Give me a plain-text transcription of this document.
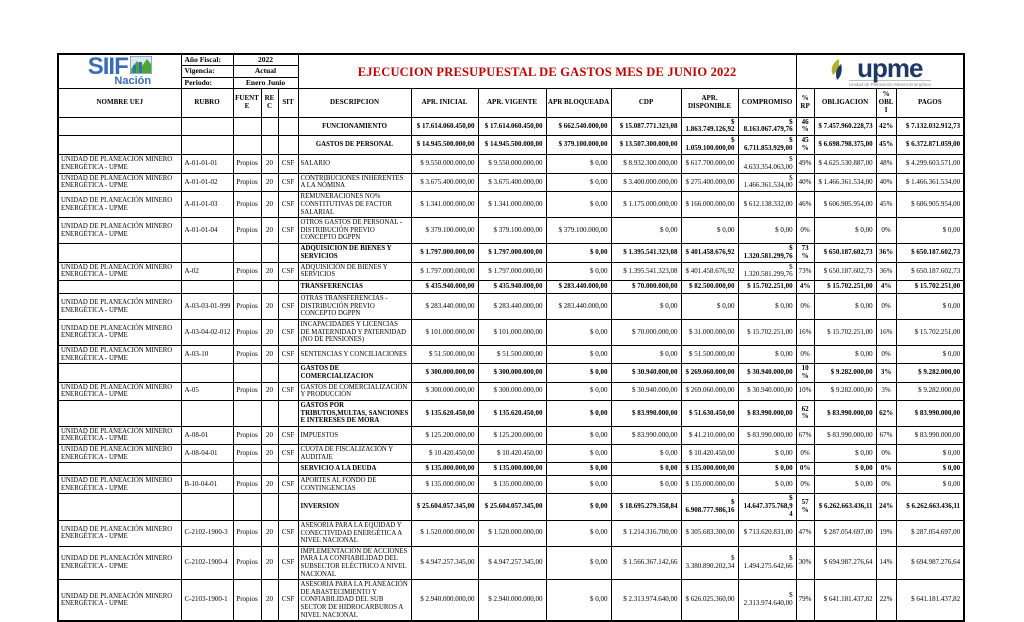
SIIF
Nación
	Año Fiscal:	2022	EJECUCION PRESUPUESTAL DE GASTOS MES DE JUNIO 2022	upme
Unidad de Planeación Minero Energética

	Vigencia:	Actual													
	Periodo:	Enero Junio													
NOMBRE UEJ	RUBRO	FUENTE	REC	SIT	DESCRIPCION	APR. INICIAL	APR. VIGENTE	APR BLOQUEADA	CDP	APR. DISPONIBLE	COMPROMISO	% RP	OBLIGACION	% OBLI	PAGOS
					FUNCIONAMIENTO	$ 17.614.060.450,00	$ 17.614.060.450,00	$ 662.540.000,00	$ 15.087.771.323,08	$ 1.863.749.126,92	$ 8.163.067.479,76	46%	$ 7.457.960.228,73	42%	$ 7.132.032.912,73
					GASTOS DE PERSONAL	$ 14.945.500.000,00	$ 14.945.500.000,00	$ 379.100.000,00	$ 13.507.300.000,00	$ 1.059.100.000,00	$ 6.711.853.929,00	45%	$ 6.698.798.375,00	45%	$ 6.372.871.059,00
UNIDAD DE PLANEACIÓN MINERO ENERGÉTICA - UPME	A-01-01-01	Propios	20	CSF	SALARIO	$ 9.550.000.000,00	$ 9.550.000.000,00	$ 0,00	$ 8.932.300.000,00	$ 617.700.000,00	$ 4.633.354.063,00	49%	$ 4.625.530.887,00	48%	$ 4.299.603.571,00
UNIDAD DE PLANEACIÓN MINERO ENERGÉTICA - UPME	A-01-01-02	Propios	20	CSF	CONTRIBUCIONES INHERENTES A LA NÓMINA	$ 3.675.400.000,00	$ 3.675.400.000,00	$ 0,00	$ 3.400.000.000,00	$ 275.400.000,00	$ 1.466.361.534,00	40%	$ 1.466.361.534,00	40%	$ 1.466.361.534,00
UNIDAD DE PLANEACIÓN MINERO ENERGÉTICA - UPME	A-01-01-03	Propios	20	CSF	REMUNERACIONES NO% CONSTITUTIVAS DE FACTOR SALARIAL	$ 1.341.000.000,00	$ 1.341.000.000,00	$ 0,00	$ 1.175.000.000,00	$ 166.000.000,00	$ 612.138.332,00	46%	$ 606.905.954,00	45%	$ 606.905.954,00
UNIDAD DE PLANEACIÓN MINERO ENERGÉTICA - UPME	A-01-01-04	Propios	20	CSF	OTROS GASTOS DE PERSONAL - DISTRIBUCIÓN PREVIO CONCEPTO DGPPN	$ 379.100.000,00	$ 379.100.000,00	$ 379.100.000,00	$ 0,00	$ 0,00	$ 0,00	0%	$ 0,00	0%	$ 0,00
					ADQUISICION DE BIENES Y SERVICIOS	$ 1.797.000.000,00	$ 1.797.000.000,00	$ 0,00	$ 1.395.541.323,08	$ 401.458.676,92	$ 1.320.581.299,76	73%	$ 650.187.602,73	36%	$ 650.187.602,73
UNIDAD DE PLANEACIÓN MINERO ENERGÉTICA - UPME	A-02	Propios	20	CSF	ADQUISICIÓN DE BIENES Y SERVICIOS	$ 1.797.000.000,00	$ 1.797.000.000,00	$ 0,00	$ 1.395.541.323,08	$ 401.458.676,92	$ 1.320.581.299,76	73%	$ 650.187.602,73	36%	$ 650.187.602,73
					TRANSFERENCIAS	$ 435.940.000,00	$ 435.940.000,00	$ 283.440.000,00	$ 70.000.000,00	$ 82.500.000,00	$ 15.702.251,00	4%	$ 15.702.251,00	4%	$ 15.702.251,00
UNIDAD DE PLANEACIÓN MINERO ENERGÉTICA - UPME	A-03-03-01-999	Propios	20	CSF	OTRAS TRANSFERENCIAS - DISTRIBUCIÓN PREVIO CONCEPTO DGPPN	$ 283.440.000,00	$ 283.440.000,00	$ 283.440.000,00	$ 0,00	$ 0,00	$ 0,00	0%	$ 0,00	0%	$ 0,00
UNIDAD DE PLANEACIÓN MINERO ENERGÉTICA - UPME	A-03-04-02-012	Propios	20	CSF	INCAPACIDADES Y LICENCIAS DE MATERNIDAD Y PATERNIDAD (NO DE PENSIONES)	$ 101.000.000,00	$ 101.000.000,00	$ 0,00	$ 70.000.000,00	$ 31.000.000,00	$ 15.702.251,00	16%	$ 15.702.251,00	16%	$ 15.702.251,00
UNIDAD DE PLANEACIÓN MINERO ENERGÉTICA - UPME	A-03-10	Propios	20	CSF	SENTENCIAS Y CONCILIACIONES	$ 51.500.000,00	$ 51.500.000,00	$ 0,00	$ 0,00	$ 51.500.000,00	$ 0,00	0%	$ 0,00	0%	$ 0,00
					GASTOS DE COMERCIALIZACION	$ 300.000.000,00	$ 300.000.000,00	$ 0,00	$ 30.940.000,00	$ 269.060.000,00	$ 30.940.000,00	10%	$ 9.282.000,00	3%	$ 9.282.000,00
UNIDAD DE PLANEACIÓN MINERO ENERGÉTICA - UPME	A-05	Propios	20	CSF	GASTOS DE COMERCIALIZACIÓN Y PRODUCCIÓN	$ 300.000.000,00	$ 300.000.000,00	$ 0,00	$ 30.940.000,00	$ 269.060.000,00	$ 30.940.000,00	10%	$ 9.282.000,00	3%	$ 9.282.000,00
					GASTOS POR TRIBUTOS,MULTAS, SANCIONES E INTERESES DE MORA	$ 135.620.450,00	$ 135.620.450,00	$ 0,00	$ 83.990.000,00	$ 51.630.450,00	$ 83.990.000,00	62%	$ 83.990.000,00	62%	$ 83.990.000,00
UNIDAD DE PLANEACIÓN MINERO ENERGÉTICA - UPME	A-08-01	Propios	20	CSF	IMPUESTOS	$ 125.200.000,00	$ 125.200.000,00	$ 0,00	$ 83.990.000,00	$ 41.210.000,00	$ 83.990.000,00	67%	$ 83.990.000,00	67%	$ 83.990.000,00
UNIDAD DE PLANEACIÓN MINERO ENERGÉTICA - UPME	A-08-04-01	Propios	20	CSF	CUOTA DE FISCALIZACIÓN Y AUDITAJE	$ 10.420.450,00	$ 10.420.450,00	$ 0,00	$ 0,00	$ 10.420.450,00	$ 0,00	0%	$ 0,00	0%	$ 0,00
					SERVICIO A LA DEUDA	$ 135.000.000,00	$ 135.000.000,00	$ 0,00	$ 0,00	$ 135.000.000,00	$ 0,00	0%	$ 0,00	0%	$ 0,00
UNIDAD DE PLANEACIÓN MINERO ENERGÉTICA - UPME	B-10-04-01	Propios	20	CSF	APORTES AL FONDO DE CONTINGENCIAS	$ 135.000.000,00	$ 135.000.000,00	$ 0,00	$ 0,00	$ 135.000.000,00	$ 0,00	0%	$ 0,00	0%	$ 0,00
					INVERSION	$ 25.604.057.345,00	$ 25.604.057.345,00	$ 0,00	$ 18.695.279.358,84	$ 6.908.777.986,16	$ 14.647.375.768,94	57%	$ 6.262.663.436,11	24%	$ 6.262.663.436,11
UNIDAD DE PLANEACIÓN MINERO ENERGÉTICA - UPME	C-2102-1900-3	Propios	20	CSF	ASESORIA PARA LA EQUIDAD Y CONECTIVIDAD ENERGÉTICA A NIVEL NACIONAL	$ 1.520.000.000,00	$ 1.520.000.000,00	$ 0,00	$ 1.214.316.700,00	$ 305.683.300,00	$ 713.620.831,00	47%	$ 287.054.697,00	19%	$ 287.054.697,00
UNIDAD DE PLANEACIÓN MINERO ENERGÉTICA - UPME	C-2102-1900-4	Propios	20	CSF	IMPLEMENTACIÓN DE ACCIONES PARA LA CONFIABILIDAD DEL SUBSECTOR ELÉCTRICO A NIVEL NACIONAL	$ 4.947.257.345,00	$ 4.947.257.345,00	$ 0,00	$ 1.566.367.142,66	$ 3.380.890.202,34	$ 1.494.275.642,66	30%	$ 694.987.276,64	14%	$ 694.987.276,64
UNIDAD DE PLANEACIÓN MINERO ENERGÉTICA - UPME	C-2103-1900-1	Propios	20	CSF	ASESORIA PARA LA PLANEACIÓN DE ABASTECIMIENTO Y CONFIABILIDAD DEL SUB SECTOR DE HIDROCARBUROS A NIVEL NACIONAL	$ 2.940.000.000,00	$ 2.940.000.000,00	$ 0,00	$ 2.313.974.640,00	$ 626.025.360,00	$ 2.313.974.640,00	79%	$ 641.181.437,82	22%	$ 641.181.437,82
